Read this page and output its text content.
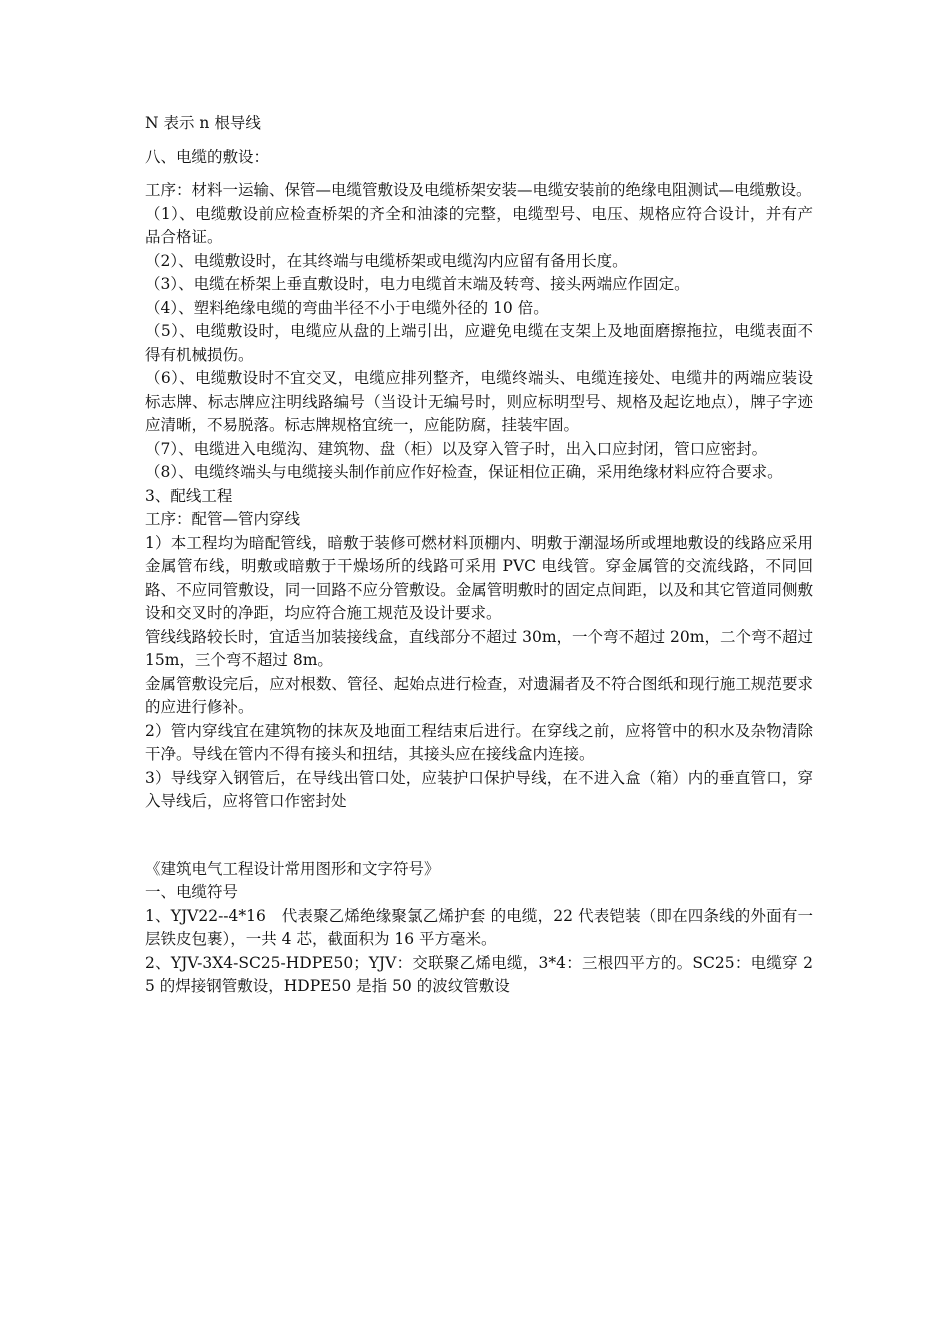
N 表示 n 根导线

八、电缆的敷设：

工序：材料一运输、保管—电缆管敷设及电缆桥架安装—电缆安装前的绝缘电阻测试—电缆敷设。

（1）、电缆敷设前应检查桥架的齐全和油漆的完整，电缆型号、电压、规格应符合设计，并有产品合格证。

（2）、电缆敷设时，在其终端与电缆桥架或电缆沟内应留有备用长度。

（3）、电缆在桥架上垂直敷设时，电力电缆首末端及转弯、接头两端应作固定。

（4）、塑料绝缘电缆的弯曲半径不小于电缆外径的 10 倍。

（5）、电缆敷设时，电缆应从盘的上端引出，应避免电缆在支架上及地面磨擦拖拉，电缆表面不得有机械损伤。

（6）、电缆敷设时不宜交叉，电缆应排列整齐，电缆终端头、电缆连接处、电缆井的两端应装设标志牌、标志牌应注明线路编号（当设计无编号时，则应标明型号、规格及起讫地点），牌子字迹应清晰，不易脱落。标志牌规格宜统一，应能防腐，挂装牢固。

（7）、电缆进入电缆沟、建筑物、盘（柜）以及穿入管子时，出入口应封闭，管口应密封。

（8）、电缆终端头与电缆接头制作前应作好检查，保证相位正确，采用绝缘材料应符合要求。

3、配线工程

工序：配管—管内穿线

1）本工程均为暗配管线，暗敷于装修可燃材料顶棚内、明敷于潮湿场所或埋地敷设的线路应采用金属管布线，明敷或暗敷于干燥场所的线路可采用 PVC 电线管。穿金属管的交流线路，不同回路、不应同管敷设，同一回路不应分管敷设。金属管明敷时的固定点间距，以及和其它管道同侧敷设和交叉时的净距，均应符合施工规范及设计要求。

管线线路较长时，宜适当加装接线盒，直线部分不超过 30m，一个弯不超过 20m，二个弯不超过 15m，三个弯不超过 8m。

金属管敷设完后，应对根数、管径、起始点进行检查，对遗漏者及不符合图纸和现行施工规范要求的应进行修补。

2）管内穿线宜在建筑物的抹灰及地面工程结束后进行。在穿线之前，应将管中的积水及杂物清除干净。导线在管内不得有接头和扭结，其接头应在接线盒内连接。

3）导线穿入钢管后，在导线出管口处，应装护口保护导线，在不进入盒（箱）内的垂直管口，穿入导线后，应将管口作密封处

《建筑电气工程设计常用图形和文字符号》

一、电缆符号

1、YJV22--4*16　代表聚乙烯绝缘聚氯乙烯护套 的电缆，22 代表铠装（即在四条线的外面有一层铁皮包裹），一共 4 芯，截面积为 16 平方毫米。

2、YJV-3X4-SC25-HDPE50；YJV：交联聚乙烯电缆，3*4：三根四平方的。SC25：电缆穿 25 的焊接钢管敷设，HDPE50 是指 50 的波纹管敷设
